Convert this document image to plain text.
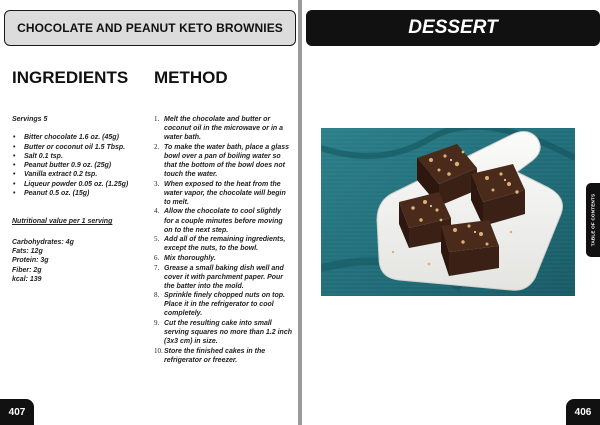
CHOCOLATE AND PEANUT KETO BROWNIES
INGREDIENTS METHOD
Servings 5
• Bitter chocolate 1.6 oz. (45g)
• Butter or coconut oil 1.5 Tbsp.
• Salt 0.1 tsp.
• Peanut butter 0.9 oz. (25g)
• Vanilla extract 0.2 tsp.
• Liqueur powder 0.05 oz. (1.25g)
• Peanut 0.5 oz. (15g)
Nutritional value per 1 serving
Carbohydrates: 4g
Fats: 12g
Protein: 3g
Fiber: 2g
kcal: 139
1. Melt the chocolate and butter or coconut oil in the microwave or in a water bath.
2. To make the water bath, place a glass bowl over a pan of boiling water so that the bottom of the bowl does not touch the water.
3. When exposed to the heat from the water vapor, the chocolate will begin to melt.
4. Allow the chocolate to cool slightly for a couple minutes before moving on to the next step.
5. Add all of the remaining ingredients, except the nuts, to the bowl.
6. Mix thoroughly.
7. Grease a small baking dish well and cover it with parchment paper. Pour the batter into the mold.
8. Sprinkle finely chopped nuts on top. Place it in the refrigerator to cool completely.
9. Cut the resulting cake into small serving squares no more than 1.2 inch (3x3 cm) in size.
10. Store the finished cakes in the refrigerator or freezer.
407
DESSERT
TABLE OF CONTENTS
406
